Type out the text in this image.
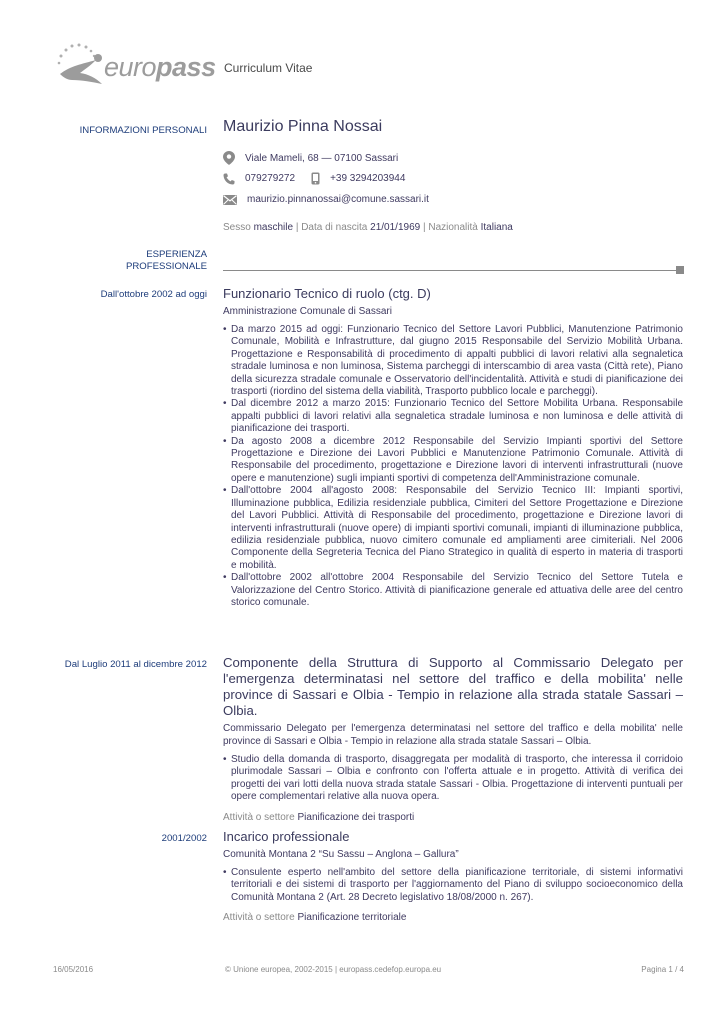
europass Curriculum Vitae
INFORMAZIONI PERSONALI Maurizio Pinna Nossai
Viale Mameli, 68 — 07100 Sassari
079279272	+39 3294203944
maurizio.pinnanossai@comune.sassari.it
Sesso maschile | Data di nascita 21/01/1969 | Nazionalità Italiana
ESPERIENZA
PROFESSIONALE
Dall'ottobre 2002 ad oggi Funzionario Tecnico di ruolo (ctg. D)
Amministrazione Comunale di Sassari
• Da marzo 2015 ad oggi: Funzionario Tecnico del Settore Lavori Pubblici, Manutenzione Patrimonio Comunale, Mobilità e Infrastrutture, dal giugno 2015 Responsabile del Servizio Mobilità Urbana. Progettazione e Responsabilità di procedimento di appalti pubblici di lavori relativi alla segnaletica stradale luminosa e non luminosa, Sistema parcheggi di interscambio di area vasta (Città rete), Piano della sicurezza stradale comunale e Osservatorio dell'incidentalità. Attività e studi di pianificazione dei trasporti (riordino del sistema della viabilità, Trasporto pubblico locale e parcheggi).
• Dal dicembre 2012 a marzo 2015: Funzionario Tecnico del Settore Mobilita Urbana. Responsabile appalti pubblici di lavori relativi alla segnaletica stradale luminosa e non luminosa e delle attività di pianificazione dei trasporti.
• Da agosto 2008 a dicembre 2012 Responsabile del Servizio Impianti sportivi del Settore Progettazione e Direzione dei Lavori Pubblici e Manutenzione Patrimonio Comunale. Attività di Responsabile del procedimento, progettazione e Direzione lavori di interventi infrastrutturali (nuove opere e manutenzione) sugli impianti sportivi di competenza dell'Amministrazione comunale.
• Dall'ottobre 2004 all'agosto 2008: Responsabile del Servizio Tecnico III: Impianti sportivi, Illuminazione pubblica, Edilizia residenziale pubblica, Cimiteri del Settore Progettazione e Direzione del Lavori Pubblici. Attività di Responsabile del procedimento, progettazione e Direzione lavori di interventi infrastrutturali (nuove opere) di impianti sportivi comunali, impianti di illuminazione pubblica, edilizia residenziale pubblica, nuovo cimitero comunale ed ampliamenti aree cimiteriali. Nel 2006 Componente della Segreteria Tecnica del Piano Strategico in qualità di esperto in materia di trasporti e mobilità.
• Dall'ottobre 2002 all'ottobre 2004 Responsabile del Servizio Tecnico del Settore Tutela e Valorizzazione del Centro Storico. Attività di pianificazione generale ed attuativa delle aree del centro storico comunale.
Dal Luglio 2011 al dicembre 2012 Componente della Struttura di Supporto al Commissario Delegato per l'emergenza determinatasi nel settore del traffico e della mobilita' nelle province di Sassari e Olbia - Tempio in relazione alla strada statale Sassari – Olbia.
Commissario Delegato per l'emergenza determinatasi nel settore del traffico e della mobilita' nelle province di Sassari e Olbia - Tempio in relazione alla strada statale Sassari – Olbia.
• Studio della domanda di trasporto, disaggregata per modalità di trasporto, che interessa il corridoio plurimodale Sassari – Olbia e confronto con l'offerta attuale e in progetto. Attività di verifica dei progetti dei vari lotti della nuova strada statale Sassari - Olbia. Progettazione di interventi puntuali per opere complementari relative alla nuova opera.
Attività o settore Pianificazione dei trasporti
2001/2002 Incarico professionale
Comunità Montana 2 “Su Sassu – Anglona – Gallura”
• Consulente esperto nell'ambito del settore della pianificazione territoriale, di sistemi informativi territoriali e dei sistemi di trasporto per l'aggiornamento del Piano di sviluppo socioeconomico della Comunità Montana 2 (Art. 28 Decreto legislativo 18/08/2000 n. 267).
Attività o settore Pianificazione territoriale
16/05/2016	© Unione europea, 2002-2015 | europass.cedefop.europa.eu	Pagina 1 / 4
